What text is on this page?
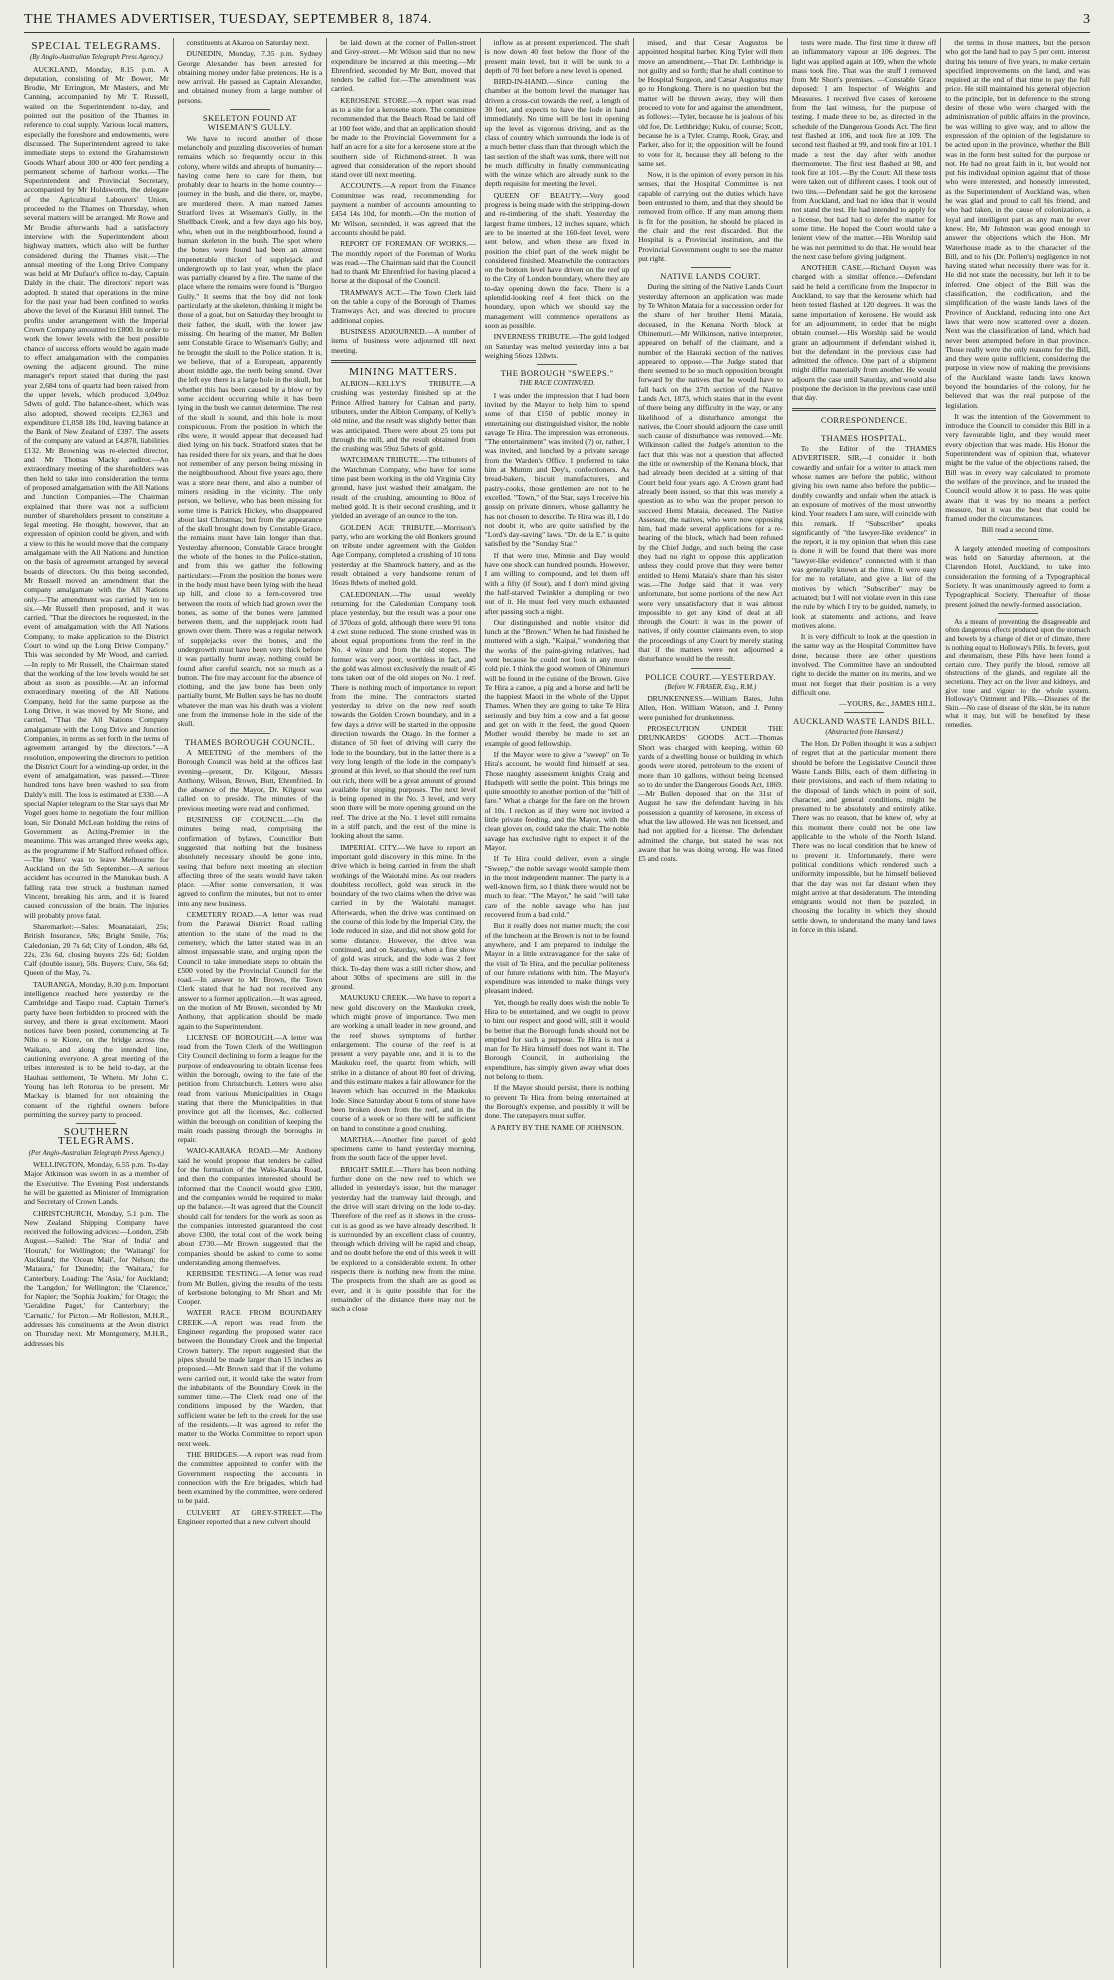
THE THAMES ADVERTISER, TUESDAY, SEPTEMBER 8, 1874.	3
SPECIAL TELEGRAMS.

(By Anglo-Australian Telegraph Press Agency.)

AUCKLAND, Monday, 8.15 p.m. A deputation, consisting of Mr Bower, Mr Brodie, Mr Errington, Mr Masters, and Mr Canning, accompanied by Mr T. Russell, waited on the Superintendent to-day, and pointed out the position of the Thames in reference to coal supply. Various local matters, especially the foreshore and endowments, were discussed. The Superintendent agreed to take immediate steps to extend the Grahamstown Goods Wharf about 300 or 400 feet pending a permanent scheme of harbour works.—The Superintendent and Provincial Secretary, accompanied by Mr Holdsworth, the delegate of the Agricultural Labourers' Union, proceeded to the Thames on Thursday, when several matters will be arranged. Mr Rowe and Mr Brodie afterwards had a satisfactory interview with the Superintendent about highway matters, which also will be further considered during the Thames visit.—The annual meeting of the Long Drive Company was held at Mr Dufaur's office to-day, Captain Daldy in the chair. The directors' report was adopted. It stated that operations in the mine for the past year had been confined to works above the level of the Kuranui Hill tunnel. The profits under arrangement with the Imperial Crown Company amounted to £800. In order to work the lower levels with the best possible chance of success efforts would be again made to effect amalgamation with the companies owning the adjacent ground. The mine manager's report stated that during the past year 2,684 tons of quartz had been raised from the upper levels, which produced 3,049oz 5dwts of gold. The balance-sheet, which was also adopted, showed receipts £2,363 and expenditure £1,058 18s 10d, leaving balance at the Bank of New Zealand of £397. The assets of the company are valued at £4,878, liabilities £132. Mr Browning was re-elected director, and Mr Thomas Macky auditor.—An extraordinary meeting of the shareholders was then held to take into consideration the terms of proposed amalgamation with the All Nations and Junction Companies.—The Chairman explained that there was not a sufficient number of shareholders present to constitute a legal meeting. He thought, however, that an expression of opinion could be given, and with a view to this he would move that the company amalgamate with the All Nations and Junction on the basis of agreement arranged by several boards of directors. On this being seconded, Mr Russell moved an amendment that the company amalgamate with the All Nations only.—The amendment was carried by ten to six.—Mr Russell then proposed, and it was carried, "That the directors be requested, in the event of amalgamation with the All Nations Company, to make application to the District Court to wind up the Long Drive Company." This was seconded by Mr Wood, and carried.—In reply to Mr Russell, the Chairman stated that the working of the low levels would be set about as soon as possible.—At an informal extraordinary meeting of the All Nations Company, held for the same purpose as the Long Drive, it was moved by Mr Stone, and carried, "That the All Nations Company amalgamate with the Long Drive and Junction Companies, in terms as set forth in the terms of agreement arranged by the directors."—A resolution, empowering the directors to petition the District Court for a winding-up order, in the event of amalgamation, was passed.—Three hundred tons have been washed to sea from Daldy's mill. The loss is estimated at £330.—A special Napier telegram to the Star says that Mr Vogel goes home to negotiate the four million loan, Sir Donald McLean holding the reins of Government as Acting-Premier in the meantime. This was arranged three weeks ago, as the programme if Mr Stafford refused office.—The 'Hero' was to leave Melbourne for Auckland on the 5th September.—A serious accident has occurred in the Manukau bush. A falling rata tree struck a bushman named Vincent, breaking his arm, and it is feared caused concussion of the brain. The injuries will probably prove fatal.

Sharemarket:—Sales: Moanataiari, 25s; British Insurance, 58s; Bright Smile, 76s; Caledonian, 20 7s 6d; City of London, 48s 6d, 22s, 23s 6d, closing buyers 22s 6d; Golden Calf (double issue), 50s. Buyers: Cure, 56s 6d; Queen of the May, 7s.

TAURANGA, Monday, 8.30 p.m. Important intelligence reached here yesterday re the Cambridge and Taupo road. Captain Turner's party have been forbidden to proceed with the survey, and there is great excitement. Maori notices have been posted, commencing at Te Niho o te Kiore, on the bridge across the Waikato, and along the intended line, cautioning everyone. A great meeting of the tribes interested is to be held to-day, at the Hauhau settlement, Te Whetu. Mr John C. Young has left Rotorua to be present. Mr Mackay is blamed for not obtaining the consent of the rightful owners before permitting the survey party to proceed.

SOUTHERN TELEGRAMS.

(Per Anglo-Australian Telegraph Press Agency.)

WELLINGTON, Monday, 6.55 p.m. To-day Major Atkinson was sworn in as a member of the Executive. The Evening Post understands he will be gazetted as Minister of Immigration and Secretary of Crown Lands.

CHRISTCHURCH, Monday, 5.1 p.m. The New Zealand Shipping Company have received the following advices:—London, 25th August.—Sailed: The 'Star of India' and 'Hourah,' for Wellington; the 'Waitangi' for Auckland; the 'Ocean Mail', for Nelson; the 'Mataura,' for Dunedin; the 'Waitara,' for Canterbury. Loading: The 'Asia,' for Auckland; the 'Langdon,' for Wellington; the 'Clarence,' for Napier; the 'Sophia Joakim,' for Otago; the 'Geraldine Paget,' for Canterbury; the 'Carnatic,' for Picton.—Mr Rolleston, M.H.R., addresses his constituents at the Avon district on Thursday next. Mr Montgomery, M.H.R., addresses his

constituents at Akaroa on Saturday next.

DUNEDIN, Monday, 7.35 p.m. Sydney George Alexander has been arrested for obtaining money under false pretences. He is a new arrival. He passed as Captain Alexander, and obtained money from a large number of persons.

SKELETON FOUND AT WISEMAN'S GULLY.

We have to record another of those melancholy and puzzling discoveries of human remains which so frequently occur in this colony, where wilds and abrupts of humanity—having come here to care for them, but probably dear to hearts in the home country—journey in the bush, and die there, or, maybe, are murdered there. A man named James Stratford lives at Wiseman's Gully, in the Shellback Creek, and a few days ago his boy, who, when out in the neighbourhood, found a human skeleton in the bush. The spot where the bones were found had been an almost impenetrable thicket of supplejack and undergrowth up to last year, when the place was partially cleared by a fire. The name of the place where the remains were found is "Burgoo Gully." It seems that the boy did not look particularly at the skeleton, thinking it might be those of a goat, but on Saturday they brought to their father, the skull, with the lower jaw missing. On hearing of the matter, Mr Bullen sent Constable Grace to Wiseman's Gully; and he brought the skull to the Police station. It is, we believe, that of a European, apparently about middle age, the teeth being sound. Over the left eye there is a large hole in the skull, but whether this has been caused by a blow or by some accident occurring while it has been lying in the bush we cannot determine. The rest of the skull is sound, and this hole is most conspicuous. From the position in which the ribs were, it would appear that deceased had died lying on his back. Stratford states that he has resided there for six years, and that he does not remember of any person being missing in the neighbourhood. About five years ago, there was a store near there, and also a number of miners residing in the vicinity. The only person, we believe, who has been missing for some time is Patrick Hickey, who disappeared about last Christmas; but from the appearance of the skull brought down by Constable Grace, the remains must have lain longer than that. Yesterday afternoon, Constable Grace brought the whole of the bones to the Police-station, and from this we gather the following particulars:—From the position the bones were in the body must have been lying with the head up hill, and close to a fern-covered tree between the roots of which had grown over the bones, as some of the bones were jammed between them, and the supplejack roots had grown over them. There was a regular network of supplejacks over the bones, and the undergrowth must have been very thick before it was partially burnt away, nothing could be found after careful search, not so much as a button. The fire may account for the absence of clothing, and the jaw bone has been only partially burnt, Mr Bullen says he has no doubt whatever the man was his death was a violent one from the immense hole in the side of the skull.

THAMES BOROUGH COUNCIL.

A MEETING of the members of the Borough Council was held at the offices last evening—present, Dr. Kilgour, Messrs Anthony, Wilson, Brown, Butt, Ehrenfried. In the absence of the Mayor, Dr. Kilgour was called on to preside. The minutes of the previous meeting were read and confirmed.

BUSINESS OF COUNCIL.—On the minutes being read, comprising the confirmation of bylaws, Councillor Butt suggested that nothing but the business absolutely necessary should be gone into, seeing that before next meeting an election affecting three of the seats would have taken place. —After some conversation, it was agreed to confirm the minutes, but not to enter into any new business.

CEMETERY ROAD.—A letter was read from the Parawai District Road calling attention to the state of the road to the cemetery, which the latter stated was in an almost impassable state, and urging upon the Council to take immediate steps to obtain the £500 voted by the Provincial Council for the road.—In answer to Mr Brown, the Town Clerk stated that he had not received any answer to a former application.—It was agreed, on the motion of Mr Brown, seconded by Mr Anthony, that application should be made again to the Superintendent.

LICENSE OF BOROUGH.—A letter was read from the Town Clerk of the Wellington City Council declining to form a league for the purpose of endeavouring to obtain license fees within the borough, owing to the fate of the petition from Christchurch. Letters were also read from various Municipalities in Otago stating that there the Municipalities in that province got all the licenses, &c. collected within the borough on condition of keeping the main roads passing through the boroughs in repair.

WAIO-KARAKA ROAD.—Mr Anthony said he would propose that tenders be called for the formation of the Waio-Karaka Road, and then the companies interested should be informed that the Council would give £300, and the companies would be required to make up the balance.—It was agreed that the Council should call for tenders for the work as soon as the companies interested guaranteed the cost above £300, the total cost of the work being about £730.—Mr Brown suggested that the companies should be asked to come to some understanding among themselves.

KERBSIDE TESTING.—A letter was read from Mr Bullen, giving the results of the tests of kerbstone belonging to Mr Short and Mr Cooper.

WATER RACE FROM BOUNDARY CREEK.—A report was read from the Engineer regarding the proposed water race between the Boundary Creek and the Imperial Crown battery. The report suggested that the pipes should be made larger than 15 inches as proposed.—Mr Brown said that if the volume were carried out, it would take the water from the inhabitants of the Boundary Creek in the summer time.—The Clerk read one of the conditions imposed by the Warden, that sufficient water be left to the creek for the use of the residents.—It was agreed to refer the matter to the Works Committee to report upon next week.

THE BRIDGES.—A report was read from the committee appointed to confer with the Government respecting the accounts in connection with the Ere brigades, which had been examined by the committee, were ordered to be paid.

CULVERT AT GREY-STREET.—The Engineer reported that a new culvert should

be laid down at the corner of Pollen-street and Grey-street.—Mr Wilson said that no new expenditure be incurred at this meeting.—Mr Ehrenfried, seconded by Mr Butt, moved that tenders be called for.—The amendment was carried.

KEROSENE STORE.—A report was read as to a site for a kerosene store. The committee recommended that the Beach Road be laid off at 100 feet wide, and that an application should be made to the Provincial Government for a half an acre for a site for a kerosene store at the southern side of Richmond-street. It was agreed that consideration of the report should stand over till next meeting.

ACCOUNTS.—A report from the Finance Committee was read, recommending for payment a number of accounts amounting to £454 14s 10d, for month.—On the motion of Mr Wilson, seconded, it was agreed that the accounts should be paid.

REPORT OF FOREMAN OF WORKS.—The monthly report of the Foreman of Works was read.—The Chairman said that the Council had to thank Mr Ehrenfried for having placed a horse at the disposal of the Council.

TRAMWAYS ACT.—The Town Clerk laid on the table a copy of the Borough of Thames Tramways Act, and was directed to procure additional copies.

BUSINESS ADJOURNED.—A number of items of business were adjourned till next meeting.

MINING MATTERS.

ALBION—KELLY'S TRIBUTE.—A crushing was yesterday finished up at the Prince Alfred battery for Calnan and party, tributers, under the Albion Company, of Kelly's old mine, and the result was slightly better than was anticipated. There were about 25 tons put through the mill, and the result obtained from the crushing was 59oz 5dwts of gold.

WATCHMAN TRIBUTE.—The tributers of the Watchman Company, who have for some time past been working in the old Virginia City ground, have just washed their amalgam, the result of the crushing, amounting to 80oz of melted gold. It is their second crushing, and it yielded an average of an ounce to the ton.

GOLDEN AGE TRIBUTE.—Morrison's party, who are working the old Bonkers ground on tribute under agreement with the Golden Age Company, completed a crushing of 10 tons yesterday at the Shamrock battery, and as the result obtained a very handsome return of 16ozs 8dwts of melted gold.

CALEDONIAN.—The usual weekly returning for the Caledonian Company took place yesterday, but the result was a poor one of 370ozs of gold, although there were 91 tons 4 cwt stone reduced. The stone crushed was in about equal proportions from the reef in the No. 4 winze and from the old stopes. The former was very poor, worthless in fact, and the gold was almost exclusively the result of 45 tons taken out of the old stopes on No. 1 reef. There is nothing much of importance to report from the mine. The contractors started yesterday to drive on the new reef south towards the Golden Crown boundary, and in a few days a drive will be started in the opposite direction towards the Otago. In the former a distance of 50 feet of driving will carry the lode to the boundary, but in the latter there is a very long length of the lode in the company's ground at this level, so that should the reef turn out rich, there will be a great amount of ground available for stoping purposes. The next level is being opened in the No. 3 level, and very soon there will be more opening ground on the reef. The drive at the No. 1 level still remains in a stiff patch, and the rest of the mine is looking about the same.

IMPERIAL CITY.—We have to report an important gold discovery in this mine. In the drive which is being carried in from the shaft workings of the Waiotahi mine. As our readers doubtless recollect, gold was struck in the boundary of the two claims when the drive was carried in by the Waiotahi manager. Afterwards, when the drive was continued on the course of this lode by the Imperial City, the lode reduced in size, and did not show gold for some distance. However, the drive was continued, and on Saturday, when a fine show of gold was struck, and the lode was 2 feet thick. To-day there was a still richer show, and about 30lbs of specimens are still in the ground.

MAUKUKU CREEK.—We have to report a new gold discovery on the Maukuku creek, which might prove of importance. Two men are working a small leader in new ground, and the reef shows symptoms of further enlargement. The course of the reef is at present a very payable one, and it is to the Maukuku reef, the quartz from which, will strike in a distance of about 80 feet of driving, and this estimate makes a fair allowance for the leaven which has occurred in the Maukuku lode. Since Saturday about 6 tons of stone have been broken down from the reef, and in the course of a week or so there will be sufficient on hand to constitute a good crushing.

MARTHA.—Another fine parcel of gold specimens came to hand yesterday morning, from the south face of the upper level.

BRIGHT SMILE.—There has been nothing further done on the new reef to which we alluded in yesterday's issue, but the manager yesterday had the tramway laid through, and the drive will start driving on the lode to-day. Therefore of the reef as it shows in the cross-cut is as good as we have already described. It is surrounded by an excellent class of country, through which driving will be rapid and cheap, and no doubt before the end of this week it will be explored to a considerable extent. In other respects there is nothing new from the mine. The prospects from the shaft are as good as ever, and it is quite possible that for the remainder of the distance there may not be such a close

inflow as at present experienced. The shaft is now down 40 feet below the floor of the present main level, but it will be sunk to a depth of 70 feet before a new level is opened.

BIRD-IN-HAND.—Since cutting the chamber at the bottom level the manager has driven a cross-cut towards the reef, a length of 30 feet, and expects to have the lode in hand immediately. No time will be lost in opening up the level as vigorous driving, and as the class of country which surrounds the lode is of a much better class than that through which the last section of the shaft was sunk, there will not be much difficulty in finally communicating with the winze which are already sunk to the depth requisite for meeting the level.

QUEEN OF BEAUTY.—Very good progress is being made with the stripping-down and re-timbering of the shaft. Yesterday the largest frame timbers, 12 inches square, which are to be inserted at the 160-feet level, were sent below, and when these are fixed in position the chief part of the work might be considered finished. Meanwhile the contractors on the bottom level have driven on the reef up to the City of London boundary, where they are to-day opening down the face. There is a splendid-looking reef 4 feet thick on the boundary, upon which we should say the management will commence operations as soon as possible.

INVERNESS TRIBUTE.—The gold lodged on Saturday was melted yesterday into a bar weighing 56ozs 12dwts.

THE BOROUGH "SWEEPS."

THE RACE CONTINUED.

I was under the impression that I had been invited by the Mayor to help him to spend some of that £150 of public money in entertaining our distinguished visitor, the noble savage Te Hira. The impression was erroneous. "The entertainment" was invited (?) or, rather, I was invited, and lunched by a private savage from the Warden's Office. I preferred to take him at Mumm and Dey's, confectioners. As bread-bakers, biscuit manufacturers, and pastry-cooks, those gentlemen are not to be excelled. "Town," of the Star, says I receive his gossip on private dinners, whose gallantry he has not chosen to describe. Te Hira was ill, I do not doubt it, who are quite satisfied by the "Lord's day-saving" laws. "Dr. de la E." is quite satisfied by the "Sunday Star."

If that were true, Minnie and Day would have one shock can hundred pounds. However, I am willing to compound, and let them off with a fifty (if Sour), and I don't mind giving the half-starved Twinkler a dumpling or two out of it. He must feel very much exhausted after passing such a night.

Our distinguished and noble visitor did lunch at the "Brown." When he had finished he muttered with a sigh, "Kaipai," wondering that the works of the paint-giving relatives, had went because he could not look in any more cold pie. I think the good women of Ohinemuri will be found in the cuisine of the Brown. Give Te Hira a canoe, a pig and a horse and he'll be the happiest Maori in the whole of the Upper Thames. When they are going to take Te Hira seriously and buy him a cow and a fat goose and get on with it the feed, the good Queen Mother would thereby be made to set an example of good fellowship.

If the Mayor were to give a "sweep" on Te Hira's account, he would find himself at sea. Those naughty assessment knights Craig and Hudspeth will settle the point. This brings me quite smoothly to another portion of the "bill of fare." What a charge for the fare on the brown of 10s. I reckon as if they were not invited a little private feeding, and the Mayor, with the clean gloves on, could take the chair. The noble savage has exclusive right to expect it of the Mayor.

If Te Hira could deliver, even a single "Sweep," the noble savage would sample them in the most independent manner. The party is a well-known firm, so I think there would not be much to fear. "The Mayor," he said "will take care of the noble savage who has just recovered from a bad cold."

But it really does not matter much; the cost of the luncheon at the Brown is not to be found anywhere, and I am prepared to indulge the Mayor in a little extravagance for the sake of the visit of Te Hira, and the peculiar politeness of our future relations with him. The Mayor's expenditure was intended to make things very pleasant indeed.

Yet, though he really does wish the noble Te Hira to be entertained, and we ought to prove to him our respect and good will, still it would be better that the Borough funds should not be emptied for such a purpose. Te Hira is not a man for Te Hira himself does not want it. The Borough Council, in authorising the expenditure, has simply given away what does not belong to them.

If the Mayor should persist, there is nothing to prevent Te Hira from being entertained at the Borough's expense, and possibly it will be done. The ratepayers must suffer.

A PARTY BY THE NAME OF JOHNSON.

mised, and that Cesar Augustus be appointed hospital barber. King Tyler will then move an amendment,—That Dr. Lethbridge is not guilty and so forth; that he shall continue to be Hospital Surgeon, and Cæsar Augustus may go to Hongkong. There is no question but the matter will be thrown away, they will then proceed to vote for and against the amendment, as follows:—Tyler, because he is jealous of his old foe, Dr. Lethbridge; Kuku, of course; Scott, because he is a Tyler. Cramp, Rook, Gray, and Parker, also for it; the opposition will be found to vote for it, because they all belong to the same set.

Now, it is the opinion of every person in his senses, that the Hospital Committee is not capable of carrying out the duties which have been entrusted to them, and that they should be removed from office. If any man among them is fit for the position, he should be placed in the chair and the rest discarded. But the Hospital is a Provincial institution, and the Provincial Government ought to see the matter put right.

NATIVE LANDS COURT.

During the sitting of the Native Lands Court yesterday afternoon an application was made by Te Whiton Mataia for a succession order for the share of her brother Hemi Mataia, deceased, in the Kenana North block at Ohinemuri.—Mr Wilkinson, native interpreter, appeared on behalf of the claimant, and a number of the Hauraki section of the natives appeared to oppose.—The Judge stated that there seemed to be so much opposition brought forward by the natives that he would have to fall back on the 37th section of the Native Lands Act, 1873, which states that in the event of there being any difficulty in the way, or any likelihood of a disturbance amongst the natives, the Court should adjourn the case until such cause of disturbance was removed.—Mr. Wilkinson called the Judge's attention to the fact that this was not a question that affected the title or ownership of the Kenana block, that had already been decided at a sitting of that Court held four years ago. A Crown grant had already been issued, so that this was merely a question as to who was the proper person to succeed Hemi Mataia, deceased. The Native Assessor, the natives, who were now opposing him, had made several applications for a re-hearing of the block, which had been refused by the Chief Judge, and such being the case they had no right to oppose this application unless they could prove that they were better entitled to Hemi Mataia's share than his sister was.—The Judge said that it was very unfortunate, but some portions of the new Act were very unsatisfactory that it was almost impossible to get any kind of deal at all through the Court: it was in the power of natives, if only counter claimants even, to stop the proceedings of any Court by merely stating that if the matters were not adjourned a disturbance would be the result.

POLICE COURT.—YESTERDAY.

(Before W. FRASER, Esq., R.M.)

DRUNKENNESS.—William Bates, John Allen, Hon. William Watson, and J. Penny were punished for drunkenness.

PROSECUTION UNDER THE DRUNKARDS' GOODS ACT.—Thomas Short was charged with keeping, within 60 yards of a dwelling house or building in which goods were stored, petroleum to the extent of more than 10 gallons, without being licensed so to do under the Dangerous Goods Act, 1869.—Mr Bullen deposed that on the 31st of August he saw the defendant having in his possession a quantity of kerosene, in excess of what the law allowed. He was not licensed, and had not applied for a license. The defendant admitted the charge, but stated he was not aware that he was doing wrong. He was fined £5 and costs.

tests were made. The first time it threw off an inflammatory vapour at 106 degrees. The light was applied again at 109, when the whole mass took fire. That was the stuff I removed from Mr Short's premises. —Constable Grace deposed: I am Inspector of Weights and Measures. I received five cases of kerosene from the last witness, for the purpose of testing. I made three to be, as directed in the schedule of the Dangerous Goods Act. The first test flashed at 106, and took fire at 109. The second test flashed at 99, and took fire at 101. I made a test the day after with another thermometer. The first test flashed at 98, and took fire at 101.—By the Court: All these tests were taken out of different cases. I took out of two tins.—Defendant said he got the kerosene from Auckland, and had no idea that it would not stand the test. He had intended to apply for a license, but had had to defer the matter for some time. He hoped the Court would take a lenient view of the matter.—His Worship said he was not permitted to do that. He would hear the next case before giving judgment.

ANOTHER CASE.—Richard Ouyen was charged with a similar offence.—Defendant said he held a certificate from the Inspector in Auckland, to say that the kerosene which had been tested flashed at 120 degrees. It was the same importation of kerosene. He would ask for an adjournment, in order that he might obtain counsel.—His Worship said he would grant an adjournment if defendant wished it, but the defendant in the previous case had admitted the offence. One part of a shipment might differ materially from another. He would adjourn the case until Saturday, and would also postpone the decision in the previous case until that day.

CORRESPONDENCE.
THAMES HOSPITAL.

To the Editor of the THAMES ADVERTISER. SIR,—I consider it both cowardly and unfair for a writer to attack men whose names are before the public, without giving his own name also before the public—doubly cowardly and unfair when the attack is an exposure of motives of the most unworthy kind. Your readers I am sure, will coincide with this remark. If "Subscriber" speaks significantly of "the lawyer-like evidence" in the report, it is my opinion that when this case is done it will be found that there was more "lawyer-like evidence" connected with it than was generally known at the time. It were easy for me to retaliate, and give a list of the motives by which "Subscriber" may be actuated; but I will not violate even in this case the rule by which I try to be guided, namely, to look at statements and actions, and leave motives alone.

It is very difficult to look at the question in the same way as the Hospital Committee have done, because there are other questions involved. The Committee have an undoubted right to decide the matter on its merits, and we must not forget that their position is a very difficult one.

—YOURS, &c., JAMES HILL.

AUCKLAND WASTE LANDS BILL.

(Abstracted from Hansard.)

The Hon. Dr Pollen thought it was a subject of regret that at the particular moment there should be before the Legislative Council three Waste Lands Bills, each of them differing in their provisions, and each of them relating to the disposal of lands which in point of soil, character, and general conditions, might be presumed to be absolutely and entirely alike. There was no reason, that he knew of, why at this moment there could not be one law applicable to the whole of the North Island. There was no local condition that he knew of to prevent it. Unfortunately, there were political conditions which rendered such a uniformity impossible, but he himself believed that the day was not far distant when they might arrive at that desideratum. The intending emigrants would not then be puzzled, in choosing the locality in which they should settle down, to understand the many land laws in force in this island.

the terms in those matters, but the person who got the land had to pay 5 per cent. interest during his tenure of five years, to make certain specified improvements on the land, and was required at the end of that time to pay the full price. He still maintained his general objection to the principle, but in deference to the strong desire of those who were charged with the administration of public affairs in the province, he was willing to give way, and to allow the expression of the opinion of the legislature to be acted upon in the province, whether the Bill was in the form best suited for the purpose or not. He had no great faith in it, but would not put his individual opinion against that of those who were interested, and honestly interested, as the Superintendent of Auckland was, when he was glad and proud to call his friend, and who had taken, in the cause of colonization, a loyal and intelligent part as any man he ever knew. He, Mr Johnston was good enough to answer the objections which the Hon. Mr Waterhouse made as to the character of the Bill, and to his (Dr. Pollen's) negligence in not having stated what necessity there was for it. He did not state the necessity, but left it to be inferred. One object of the Bill was the classification, the codification, and the simplification of the waste lands laws of the Province of Auckland, reducing into one Act laws that were now scattered over a dozen. Next was the classification of land, which had never been attempted before in that province. Those really were the only reasons for the Bill, and they were quite sufficient, considering the purpose in view now of making the provisions of the Auckland waste lands laws known beyond the boundaries of the colony, for he believed that was the real purpose of the legislation.

It was the intention of the Government to introduce the Council to consider this Bill in a very favourable light, and they would meet every objection that was made. His Honor the Superintendent was of opinion that, whatever might be the value of the objections raised, the Bill was in every way calculated to promote the welfare of the province, and he trusted the Council would allow it to pass. He was quite aware that it was by no means a perfect measure, but it was the best that could be framed under the circumstances.

Bill read a second time.

A largely attended meeting of compositors was held on Saturday afternoon, at the Clarendon Hotel, Auckland, to take into consideration the forming of a Typographical Society. It was unanimously agreed to form a Typographical Society. Thereafter of those present joined the newly-formed association.

As a means of preventing the disagreeable and often dangerous effects produced upon the stomach and bowels by a change of diet or of climate, there is nothing equal to Holloway's Pills. In fevers, gout and rheumatism, these Pills have been found a certain cure. They purify the blood, remove all obstructions of the glands, and regulate all the secretions. They act on the liver and kidneys, and give tone and vigour to the whole system. Holloway's Ointment and Pills.—Diseases of the Skin.—No case of disease of the skin, be its nature what it may, but will be benefited by these remedies.
